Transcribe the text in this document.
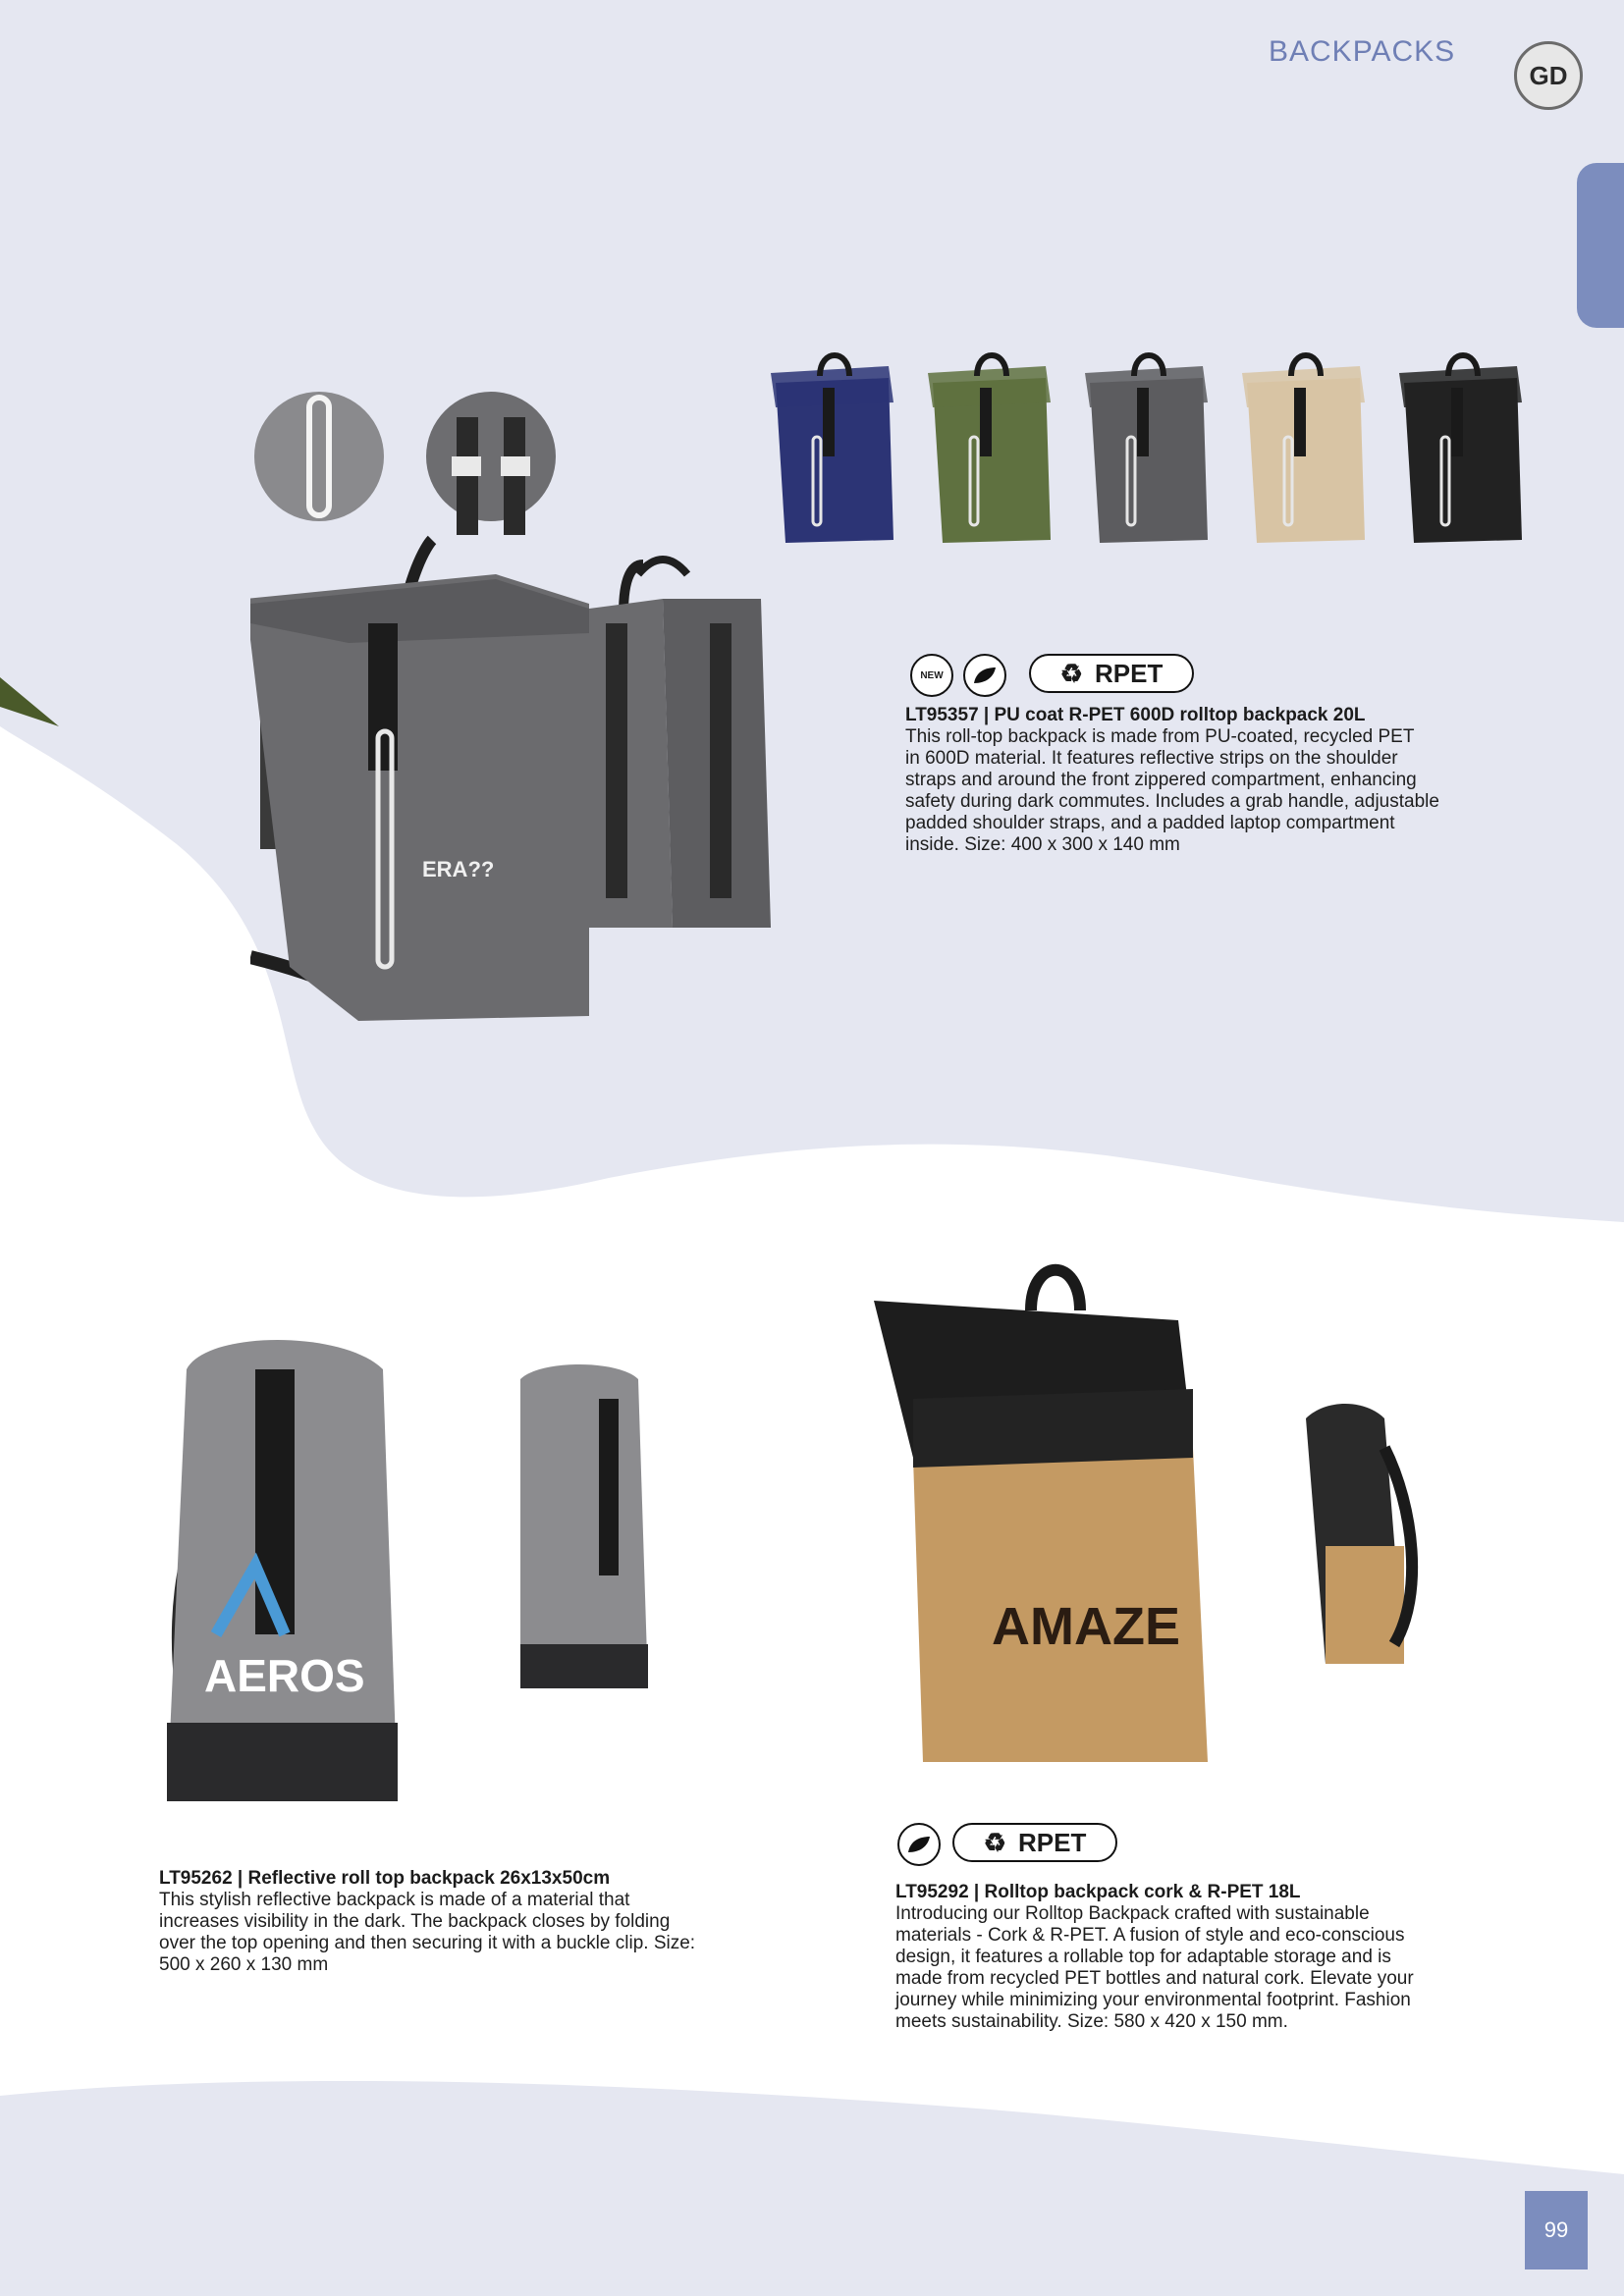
BACKPACKS
GD
ERA??
NEW	♻ RPET
LT95357 | PU coat R-PET 600D rolltop backpack 20L
This roll-top backpack is made from PU-coated, recycled PET
in 600D material. It features reflective strips on the shoulder
straps and around the front zippered compartment, enhancing
safety during dark commutes. Includes a grab handle, adjustable
padded shoulder straps, and a padded laptop compartment
inside. Size: 400 x 300 x 140 mm
AEROS
LT95262 | Reflective roll top backpack 26x13x50cm
This stylish reflective backpack is made of a material that
increases visibility in the dark. The backpack closes by folding
over the top opening and then securing it with a buckle clip. Size:
500 x 260 x 130 mm
AMAZE
♻ RPET
LT95292 | Rolltop backpack cork & R-PET 18L
Introducing our Rolltop Backpack crafted with sustainable
materials - Cork & R-PET. A fusion of style and eco-conscious
design, it features a rollable top for adaptable storage and is
made from recycled PET bottles and natural cork. Elevate your
journey while minimizing your environmental footprint. Fashion
meets sustainability. Size: 580 x 420 x 150 mm.
99
